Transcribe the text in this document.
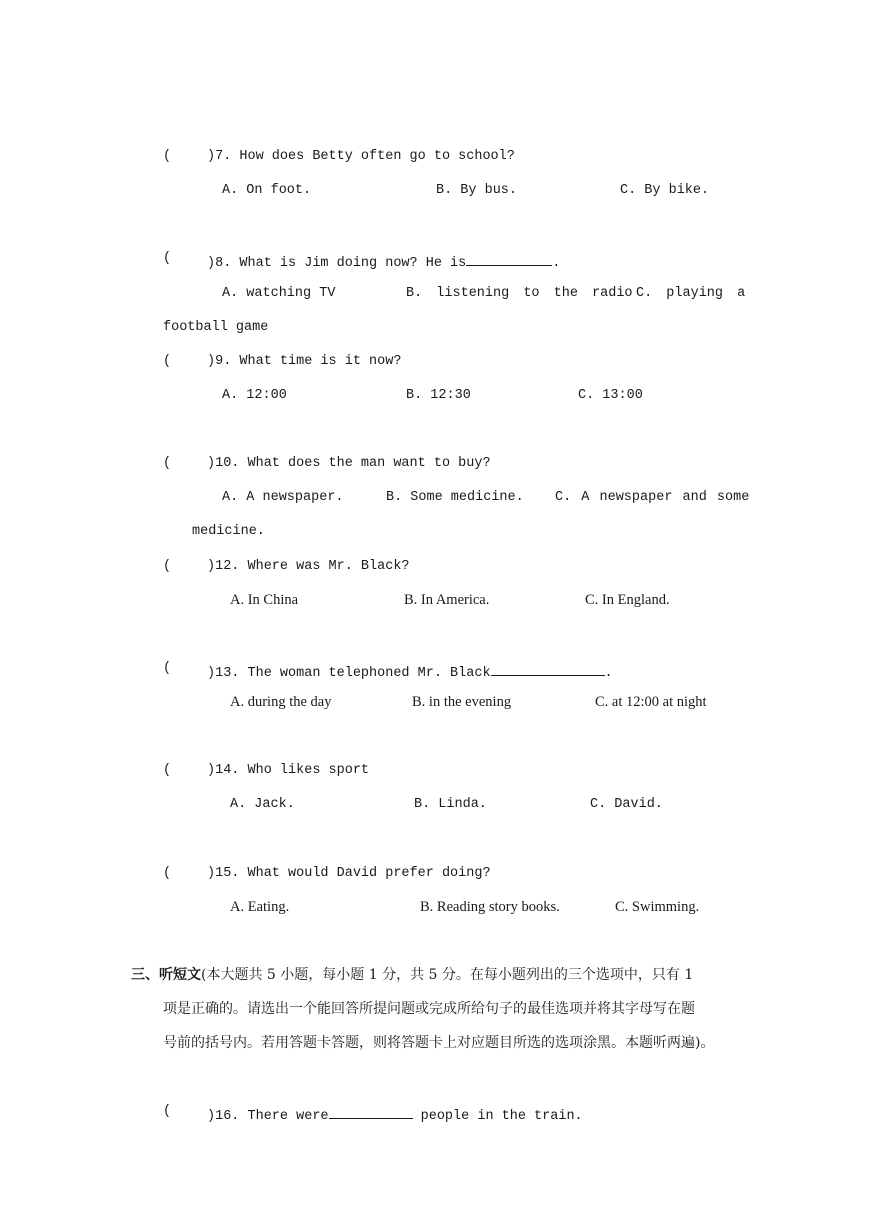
(	)7. How does Betty often go to school?
A. On foot.	B. By bus.	C. By bike.
(	)8. What is Jim doing now? He is	.
A. watching TV	B. listening to the radio C. playing a
football game
(	)9. What time is it now?
A. 12:00	B. 12:30	C. 13:00
(	)10. What does the man want to buy?
A. A newspaper.	B. Some medicine. C. A newspaper and some
medicine.
(	)12. Where was Mr. Black?
A. In China	B. In America.	C. In England.
(	)13. The woman telephoned Mr. Black	.
A. during the day	B. in the evening	C. at 12:00 at night
(	)14. Who likes sport
A. Jack.	B. Linda.	C. David.
(	)15. What would David prefer doing?
A. Eating.	B. Reading story books.	C. Swimming.
三、听短文(本大题共 5 小题，每小题 1 分，共 5 分。在每小题列出的三个选项中，只有 1
项是正确的。请选出一个能回答所提问题或完成所给句子的最佳选项并将其字母写在题
号前的括号内。若用答题卡答题，则将答题卡上对应题目所选的选项涂黑。本题听两遍)。
(	)16. There were	people in the train.
